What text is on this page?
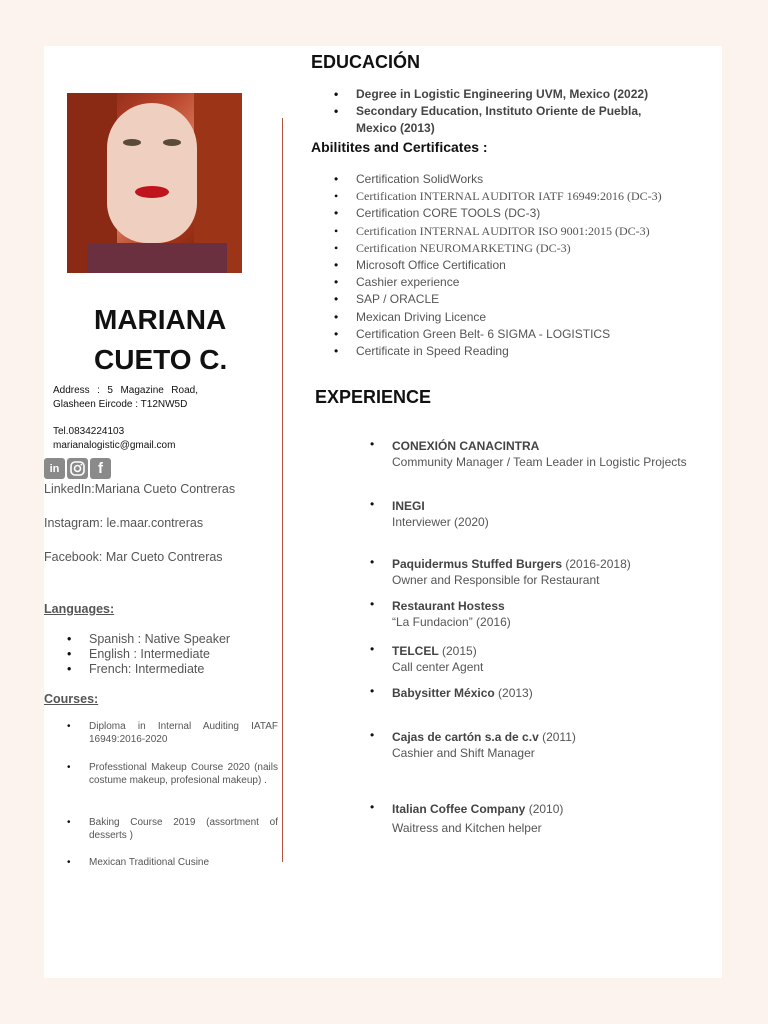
MARIANA
CUETO C.
Address : 5 Magazine Road,
Glasheen Eircode : T12NW5D
Tel.0834224103
marianalogistic@gmail.com
in	f
LinkedIn:Mariana Cueto Contreras
Instagram: le.maar.contreras
Facebook: Mar Cueto Contreras
Languages:
• Spanish : Native Speaker
• English : Intermediate
• French: Intermediate
Courses:
• Diploma in Internal Auditing IATAF 16949:2016-2020
• Professtional Makeup Course 2020 (nails costume makeup, profesional makeup) .
• Baking Course 2019 (assortment of desserts )
• Mexican Traditional Cusine
EDUCACIÓN
• Degree in Logistic Engineering UVM, Mexico (2022)
• Secondary Education, Instituto Oriente de Puebla, Mexico (2013)
Abilitites and Certificates :
• Certification SolidWorks
• Certification INTERNAL AUDITOR IATF 16949:2016 (DC-3)
• Certification CORE TOOLS (DC-3)
• Certification INTERNAL AUDITOR ISO 9001:2015 (DC-3)
• Certification NEUROMARKETING (DC-3)
• Microsoft Office Certification
• Cashier experience
• SAP / ORACLE
• Mexican Driving Licence
• Certification Green Belt- 6 SIGMA - LOGISTICS
• Certificate in Speed Reading
EXPERIENCE
• CONEXIÓN CANACINTRA
Community Manager / Team Leader in Logistic Projects
• INEGI
Interviewer (2020)
• Paquidermus Stuffed Burgers (2016-2018)
Owner and Responsible for Restaurant
• Restaurant Hostess
“La Fundacion” (2016)
• TELCEL (2015)
Call center Agent
• Babysitter México (2013)
• Cajas de cartón s.a de c.v (2011)
Cashier and Shift Manager
• Italian Coffee Company (2010)
Waitress and Kitchen helper
